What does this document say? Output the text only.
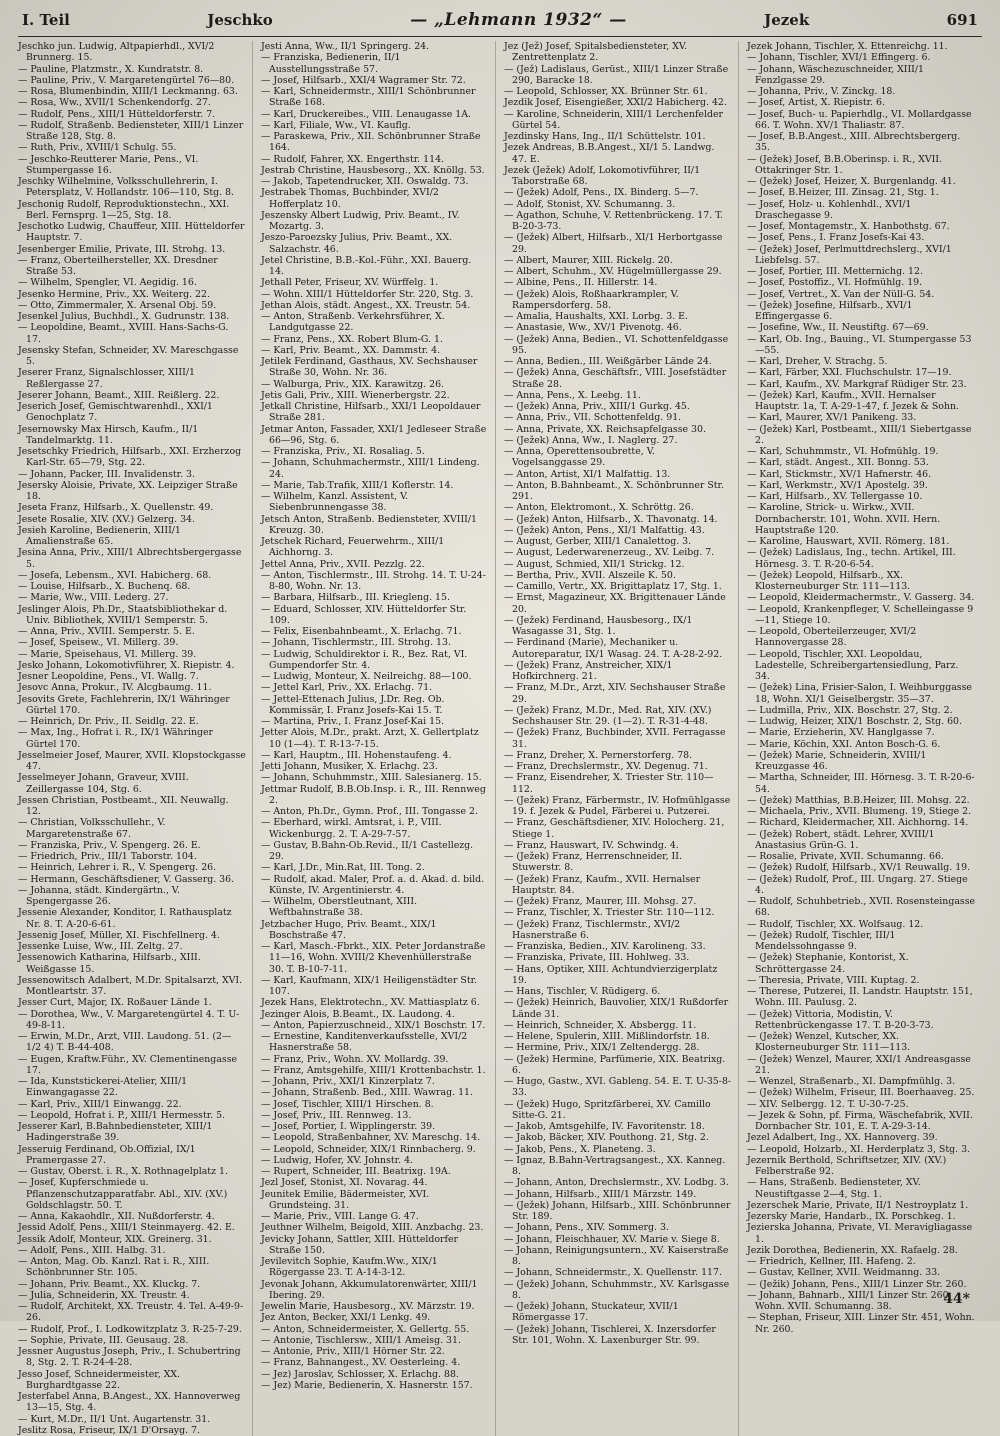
I. Teil	Jeschko	— „Lehmann 1932“ —	Jezek	691
Jeschko jun. Ludwig, Altpapierhdl., XVI/2 Brunnerg. 15.
— Pauline, Platzmstr., X. Kundratstr. 8.
— Pauline, Priv., V. Margaretengürtel 76—80.
— Rosa, Blumenbindin, XIII/1 Leckmanng. 63.
— Rosa, Ww., XVII/1 Schenkendorfg. 27.
— Rudolf, Pens., XIII/1 Hütteldorferstr. 7.
— Rudolf, Straßenb. Bediensteter, XIII/1 Linzer Straße 128, Stg. 8.
— Ruth, Priv., XVIII/1 Schulg. 55.
— Jeschko-Reutterer Marie, Pens., VI. Stumpergasse 16.
Jeschky Wilhelmine, Volksschullehrerin, I. Petersplatz, V. Hollandstr. 106—110, Stg. 8.
Jeschonig Rudolf, Reproduktionstechn., XXI. Berl. Fernsprg. 1—25, Stg. 18.
Jeschotko Ludwig, Chauffeur, XIII. Hütteldorfer Hauptstr. 7.
Jesenberger Emilie, Private, III. Strohg. 13.
— Franz, Oberteilhersteller, XX. Dresdner Straße 53.
— Wilhelm, Spengler, VI. Aegidig. 16.
Jesenko Hermine, Priv., XX. Weiterg. 22.
— Otto, Zimmermaler, X. Arsenal Obj. 59.
Jesenkel Julius, Buchhdl., X. Gudrunstr. 138.
— Leopoldine, Beamt., XVIII. Hans-Sachs-G. 17.
Jesensky Stefan, Schneider, XV. Mareschgasse 5.
Jeserer Franz, Signalschlosser, XIII/1 Reßlergasse 27.
Jeserer Johann, Beamt., XIII. Reißlerg. 22.
Jeserich Josef, Gemischtwarenhdl., XXI/1 Genochplatz 7.
Jesernowsky Max Hirsch, Kaufm., II/1 Tandelmarktg. 11.
Jesetschky Friedrich, Hilfsarb., XXI. Erzherzog Karl-Str. 65—79, Stg. 22.
— Johann, Packer, III. Invalidenstr. 3.
Jesersky Aloisie, Private, XX. Leipziger Straße 18.
Jeseta Franz, Hilfsarb., X. Quellenstr. 49.
Jesete Rosalie, XIV. (XV.) Gelzerg. 34.
Jesieh Karoline, Bedienerin, XIII/1 Amalienstraße 65.
Jesina Anna, Priv., XIII/1 Albrechtsbergergasse 5.
— Josefa, Lebensm., XVI. Habicherg. 68.
— Louise, Hilfsarb., X. Buchenq. 68.
— Marie, Ww., VIII. Lederg. 27.
Jeslinger Alois, Ph.Dr., Staatsbibliothekar d. Univ. Bibliothek, XVIII/1 Semperstr. 5.
— Anna, Priv., XVIII. Semperstr. 5. E.
— Josef, Speisew., VI. Millerg. 39.
— Marie, Speisehaus, VI. Millerg. 39.
Jesko Johann, Lokomotivführer, X. Riepistr. 4.
Jesner Leopoldine, Pens., VI. Wallg. 7.
Jesovc Anna, Prokur., IV. Alcgbaumg. 11.
Jesovits Grete, Fachlehrerin, IX/1 Währinger Gürtel 170.
— Heinrich, Dr. Priv., II. Seidlg. 22. E.
— Max, Ing., Hofrat i. R., IX/1 Währinger Gürtel 170.
Jesselmeier Josef, Maurer, XVII. Klopstockgasse 47.
Jesselmeyer Johann, Graveur, XVIII. Zeillergasse 104, Stg. 6.
Jessen Christian, Postbeamt., XII. Neuwallg. 12.
— Christian, Volksschullehr., V. Margaretenstraße 67.
— Franziska, Priv., V. Spengerg. 26. E.
— Friedrich, Priv., III/1 Taborstr. 104.
— Heinrich, Lehrer i. R., V. Spengerg. 26.
— Hermann, Geschäftsdiener, V. Gasserg. 36.
— Johanna, städt. Kindergärtn., V. Spengergasse 26.
Jessenie Alexander, Konditor, I. Rathausplatz Nr. 8. T. A-20-6-61.
Jessenig Josef, Müller, XI. Fischfellnerg. 4.
Jessenke Luise, Ww., III. Zeltg. 27.
Jessenowich Katharina, Hilfsarb., XIII. Weißgasse 15.
Jessenowitsch Adalbert, M.Dr. Spitalsarzt, XVI. Montleartstr. 37.
Jesser Curt, Major, IX. Roßauer Lände 1.
— Dorothea, Ww., V. Margaretengürtel 4. T. U-49-8-11.
— Erwin, M.Dr., Arzt, VIII. Laudong. 51. (2—1/2 4) T. B-44-408.
— Eugen, Kraftw.Führ., XV. Clementinengasse 17.
— Ida, Kunststickerei-Atelier, XIII/1 Einwangagasse 22.
— Karl, Priv., XIII/1 Einwangg. 22.
— Leopold, Hofrat i. P., XIII/1 Hermesstr. 5.
Jesserer Karl, B.Bahnbediensteter, XIII/1 Hadingerstraße 39.
Jesseruig Ferdinand, Ob.Offizial, IX/1 Pramergasse 27.
— Gustav, Oberst. i. R., X. Rothnagelplatz 1.
— Josef, Kupferschmiede u. Pflanzenschutzapparatfabr. Abl., XIV. (XV.) Goldschlagstr. 50. T.
— Anna, Kakaohdlr., XII. Nußdorferstr. 4.
Jessid Adolf, Pens., XIII/1 Steinmayerg. 42. E.
Jessik Adolf, Monteur, XIX. Greinerg. 31.
— Adolf, Pens., XIII. Halbg. 31.
— Anton, Mag. Ob. Kanzl. Rat i. R., XIII. Schönbrunner Str. 105.
— Johann, Priv. Beamt., XX. Kluckg. 7.
— Julia, Schneiderin, XX. Treustr. 4.
— Rudolf, Architekt, XX. Treustr. 4. Tel. A-49-9-26.
— Rudolf, Prof., I. Lodkowitzplatz 3. R-25-7-29.
— Sophie, Private, III. Geusaug. 28.
Jessner Augustus Joseph, Priv., I. Schubertring 8, Stg. 2. T. R-24-4-28.
Jesso Josef, Schneidermeister, XX. Burghardtgasse 22.
Jesterfabel Anna, B.Angest., XX. Hannoverweg 13—15, Stg. 4.
— Kurt, M.Dr., II/1 Unt. Augartenstr. 31.
Jeslitz Rosa, Friseur, IX/1 D'Orsayg. 7.
Jesti Anna, Ww., II/1 Springerg. 24.
— Franziska, Bedienerin, II/1 Ausstellungsstraße 57.
— Josef, Hilfsarb., XXI/4 Wagramer Str. 72.
— Karl, Schneidermstr., XIII/1 Schönbrunner Straße 168.
— Karl, Druckereibes., VIII. Lenaugasse 1A.
— Karl, Filiale, Ww., VI. Kauflg.
— Paraskewa, Priv., XII. Schönbrunner Straße 164.
— Rudolf, Fahrer, XX. Engerthstr. 114.
Jestrab Christine, Hausbesorg., XX. Knöllg. 53.
— Jakob, Tapetendrucker, XII. Oswaldg. 73.
Jestrabek Thomas, Buchbinder, XVI/2 Hofferplatz 10.
Jeszensky Albert Ludwig, Priv. Beamt., IV. Mozartg. 3.
Jeszo-Paroezsky Julius, Priv. Beamt., XX. Salzachstr. 46.
Jetel Christine, B.B.-Kol.-Führ., XXI. Bauerg. 14.
Jethall Peter, Friseur, XV. Würffelg. 1.
— Wohn. XIII/1 Hütteldorfer Str. 220, Stg. 3.
Jethan Alois, städt. Angest., XX. Treustr. 54.
— Anton, Straßenb. Verkehrsführer, X. Landgutgasse 22.
— Franz, Pens., XX. Robert Blum-G. 1.
— Karl, Priv. Beamt., XX. Dammstr. 4.
Jetilek Ferdinand, Gasthaus, XV. Sechshauser Straße 30, Wohn. Nr. 36.
— Walburga, Priv., XIX. Karawitzg. 26.
Jetis Gali, Priv., XIII. Wienerbergstr. 22.
Jetkall Christine, Hilfsarb., XXI/1 Leopoldauer Straße 281.
Jetmar Anton, Fassader, XXI/1 Jedleseer Straße 66—96, Stg. 6.
— Franziska, Priv., XI. Rosaliag. 5.
— Johann, Schuhmachermstr., XIII/1 Lindeng. 24.
— Marie, Tab.Trafik, XIII/1 Koflerstr. 14.
— Wilhelm, Kanzl. Assistent, V. Siebenbrunnengasse 38.
Jetsch Anton, Straßenb. Bediensteter, XVIII/1 Kreuzg. 30.
Jetschek Richard, Feuerwehrm., XIII/1 Aichhorng. 3.
Jettel Anna, Priv., XVII. Pezzlg. 22.
— Anton, Tischlermstr., III. Strohg. 14. T. U-24-8-80, Wohn. Nr. 13.
— Barbara, Hilfsarb., III. Kriegleng. 15.
— Eduard, Schlosser, XIV. Hütteldorfer Str. 109.
— Felix, Eisenbahnbeamt., X. Erlachg. 71.
— Johann, Tischlermstr., III. Strohg. 13.
— Ludwig, Schuldirektor i. R., Bez. Rat, VI. Gumpendorfer Str. 4.
— Ludwig, Monteur, X. Neilreichg. 88—100.
— Jettel Karl, Priv., XX. Erlachg. 71.
— Jettel-Ettenach Julius, J.Dr. Reg. Ob. Kommissär, I. Franz Josefs-Kai 15. T.
— Martina, Priv., I. Franz Josef-Kai 15.
Jetter Alois, M.Dr., prakt. Arzt, X. Gellertplatz 10 (1—4). T. R-13-7-15.
— Karl, Hauptm., III. Hohenstaufeng. 4.
Jetti Johann, Musiker, X. Erlachg. 23.
— Johann, Schuhmmstr., XIII. Salesianerg. 15.
Jettmar Rudolf, B.B.Ob.Insp. i. R., III. Rennweg 2.
— Anton, Ph.Dr., Gymn. Prof., III. Tongasse 2.
— Eberhard, wirkl. Amtsrat, i. P., VIII. Wickenburgg. 2. T. A-29-7-57.
— Gustav, B.Bahn-Ob.Revid., II/1 Castellezg. 29.
— Karl, J.Dr., Min.Rat, III. Tong. 2.
— Rudolf, akad. Maler, Prof. a. d. Akad. d. bild. Künste, IV. Argentinierstr. 4.
— Wilhelm, Oberstleutnant, XIII. Weftbahnstraße 38.
Jetzbacher Hugo, Priv. Beamt., XIX/1 Boschstraße 47.
— Karl, Masch.-Fbrkt., XIX. Peter Jordanstraße 11—16, Wohn. XVIII/2 Khevenhüllerstraße 30. T. B-10-7-11.
— Karl, Kaufmann, XIX/1 Heiligenstädter Str. 107.
Jezek Hans, Elektrotechn., XV. Mattiasplatz 6.
Jezinger Alois, B.Beamt., IX. Laudong. 4.
— Anton, Papierzuschneid., XIX/1 Boschstr. 17.
— Ernestine, Kanditenverkaufsstelle, XVI/2 Hasnerstraße 58.
— Franz, Priv., Wohn. XV. Mollardg. 39.
— Franz, Amtsgehilfe, XIII/1 Krottenbachstr. 1.
— Johann, Priv., XXI/1 Kinzerplatz 7.
— Johann, Straßenb. Bed., XIII. Wawrag. 11.
— Josef, Tischler, XIII/1 Hirschen. 8.
— Josef, Priv., III. Rennweg. 13.
— Josef, Portier, I. Wipplingerstr. 39.
— Leopold, Straßenbahner, XV. Mareschg. 14.
— Leopold, Schneider, XIX/1 Rinnbacherg. 9.
— Ludwig, Hofer, XV. Johnstr. 4.
— Rupert, Schneider, III. Beatrixg. 19A.
Jezl Josef, Stonist, XI. Novarag. 44.
Jeunitek Emilie, Bädermeister, XVI. Grundsteing. 31.
— Marie, Priv., VIII. Lange G. 47.
Jeuthner Wilhelm, Beigold, XIII. Anzbachg. 23.
Jevicky Johann, Sattler, XIII. Hütteldorfer Straße 150.
Jevilevitch Sophie, Kaufm.Ww., XIX/1 Rögergasse 23. T. A-14-3-12.
Jevonak Johann, Akkumulatorenwärter, XIII/1 Ibering. 29.
Jewelin Marie, Hausbesorg., XV. Märzstr. 19.
Jez Anton, Becker, XXI/1 Lenkg. 49.
— Anton, Schneidermeister, X. Gellertg. 55.
— Antonie, Tischlersw., XIII/1 Ameisg. 31.
— Antonie, Priv., XIII/1 Hörner Str. 22.
— Franz, Bahnangest., XV. Oesterleing. 4.
— Jez) Jaroslav, Schlosser, X. Erlachg. 88.
— Jez) Marie, Bedienerin, X. Hasnerstr. 157.
Jez (Jež) Josef, Spitalsbediensteter, XV. Zentrettenplatz 2.
— (Jež) Ladislaus, Gerüst., XIII/1 Linzer Straße 290, Baracke 18.
— Leopold, Schlosser, XX. Brünner Str. 61.
Jezdik Josef, Eisengießer, XXI/2 Habicherg. 42.
— Karoline, Schneiderin, XIII/1 Lerchenfelder Gürtel 54.
Jezdinsky Hans, Ing., II/1 Schüttelstr. 101.
Jezek Andreas, B.B.Angest., XI/1 5. Landwg. 47. E.
Jezek (Ježek) Adolf, Lokomotivführer, II/1 Taborstraße 68.
— (Ježek) Adolf, Pens., IX. Binderg. 5—7.
— Adolf, Stonist, XV. Schumanng. 3.
— Agathon, Schuhe, V. Rettenbrückeng. 17. T. B-20-3-73.
— (Ježek) Albert, Hilfsarb., XI/1 Herbortgasse 29.
— Albert, Maurer, XIII. Rickelg. 20.
— Albert, Schuhm., XV. Hügelmüllergasse 29.
— Albine, Pens., II. Hillerstr. 14.
— (Ježek) Alois, Roßhaarkrampler, V. Rampersdorferg. 58.
— Amalia, Haushalts, XXI. Lorbg. 3. E.
— Anastasie, Ww., XV/1 Pivenotg. 46.
— (Ježek) Anna, Bedien., VI. Schottenfeldgasse 95.
— Anna, Bedien., III. Weißgärber Lände 24.
— (Ježek) Anna, Geschäftsfr., VIII. Josefstädter Straße 28.
— Anna, Pens., X. Leebg. 11.
— (Ježek) Anna, Priv., XIII/1 Gurkg. 45.
— Anna, Priv., VII. Schottenfeldg. 91.
— Anna, Private, XX. Reichsapfelgasse 30.
— (Ježek) Anna, Ww., I. Naglerg. 27.
— Anna, Operettensoubrette, V. Vogelsanggasse 29.
— Anton, Artist, XI/1 Malfattig. 13.
— Anton, B.Bahnbeamt., X. Schönbrunner Str. 291.
— Anton, Elektromont., X. Schröttg. 26.
— (Ježek) Anton, Hilfsarb., X. Thavonatg. 14.
— (Ježek) Anton, Pens., XI/1 Malfattig. 43.
— August, Gerber, XIII/1 Canalettog. 3.
— August, Lederwarenerzeug., XV. Leibg. 7.
— August, Schmied, XII/1 Strickg. 12.
— Bertha, Priv., XVII. Alszeile K. 50.
— Camillo, Vertr., XX. Brigittaplatz 17, Stg. 1.
— Ernst, Magazineur, XX. Brigittenauer Lände 20.
— (Ježek) Ferdinand, Hausbesorg., IX/1 Wasagasse 31, Stg. 1.
— Ferdinand (Marie), Mechaniker u. Autoreparatur, IX/1 Wasag. 24. T. A-28-2-92.
— (Ježek) Franz, Anstreicher, XIX/1 Hofkirchnerg. 21.
— Franz, M.Dr., Arzt, XIV. Sechshauser Straße 29.
— (Ježek) Franz, M.Dr., Med. Rat, XIV. (XV.) Sechshauser Str. 29. (1—2). T. R-31-4-48.
— (Ježek) Franz, Buchbinder, XVII. Ferragasse 31.
— Franz, Dreher, X. Pernerstorferg. 78.
— Franz, Drechslermstr., XV. Degenug. 71.
— Franz, Eisendreher, X. Triester Str. 110—112.
— (Ježek) Franz, Färbermstr., IV. Hofmühlgasse 19. f. Jezek & Pudel, Färberei u. Putzerei.
— Franz, Geschäftsdiener, XIV. Holocherg. 21, Stiege 1.
— Franz, Hauswart, IV. Schwindg. 4.
— (Ježek) Franz, Herrenschneider, II. Stuwerstr. 8.
— (Ježek) Franz, Kaufm., XVII. Hernalser Hauptstr. 84.
— (Ježek) Franz, Maurer, III. Mohsg. 27.
— Franz, Tischler, X. Triester Str. 110—112.
— (Ježek) Franz, Tischlermstr., XVI/2 Hasnerstraße 6.
— Franziska, Bedien., XIV. Karolineng. 33.
— Franziska, Private, III. Hohlweg. 33.
— Hans, Optiker, XIII. Achtundvierzigerplatz 19.
— Hans, Tischler, V. Rüdigerg. 6.
— (Ježek) Heinrich, Bauvolier, XIX/1 Rußdorfer Lände 31.
— Heinrich, Schneider, X. Absbergg. 11.
— Helene, Spulerin, XIII. Mißlindorfstr. 18.
— Hermine, Priv., XIX/1 Zeltendergg. 28.
— (Ježek) Hermine, Parfümerie, XIX. Beatrixg. 6.
— Hugo, Gastw., XVI. Gableng. 54. E. T. U-35-8-33.
— (Ježek) Hugo, Spritzfärberei, XV. Camillo Sitte-G. 21.
— Jakob, Amtsgehilfe, IV. Favoritenstr. 18.
— Jakob, Bäcker, XIV. Pouthong. 21, Stg. 2.
— Jakob, Pens., X. Planeteng. 3.
— Ignaz, B.Bahn-Vertragsangest., XX. Kanneg. 8.
— Johann, Anton, Drechslermstr., XV. Lodbg. 3.
— Johann, Hilfsarb., XIII/1 Märzstr. 149.
— (Ježek) Johann, Hilfsarb., XIII. Schönbrunner Str. 189.
— Johann, Pens., XIV. Sommerg. 3.
— Johann, Fleischhauer, XV. Marie v. Siege 8.
— Johann, Reinigungsuntern., XV. Kaiserstraße 8.
— Johann, Schneidermstr., X. Quellenstr. 117.
— (Ježek) Johann, Schuhmmstr., XV. Karlsgasse 8.
— (Ježek) Johann, Stuckateur, XVII/1 Römergasse 17.
— (Ježek) Johann, Tischlerei, X. Inzersdorfer Str. 101, Wohn. X. Laxenburger Str. 99.
Jezek Johann, Tischler, X. Ettenreichg. 11.
— Johann, Tischler, XVI/1 Effingerg. 6.
— Johann, Wäschezuschneider, XIII/1 Fenzlgasse 29.
— Johanna, Priv., V. Zinckg. 18.
— Josef, Artist, X. Riepistr. 6.
— Josef, Buch- u. Papierhdlg., VI. Mollardgasse 66. T. Wohn. XV/1 Thaliastr. 87.
— Josef, B.B.Angest., XIII. Albrechtsbergerg. 35.
— (Ježek) Josef, B.B.Oberinsp. i. R., XVII. Ottakringer Str. 1.
— (Ježek) Josef, Heizer, X. Burgenlandg. 41.
— Josef, B.Heizer, III. Zinsag. 21, Stg. 1.
— Josef, Holz- u. Kohlenhdl., XVI/1 Draschegasse 9.
— Josef, Montagemstr., X. Hanbothstg. 67.
— Josef, Pens., I. Franz Josefs-Kai 43.
— (Ježek) Josef, Perlmuttdrechslerg., XVI/1 Liebfelsg. 57.
— Josef, Portier, III. Metternichg. 12.
— Josef, Postoffiz., VI. Hofmühlg. 19.
— Josef, Vertret., X. Van der Nüll-G. 54.
— (Ježek) Josefine, Hilfsarb., XVI/1 Effingergasse 6.
— Josefine, Ww., II. Neustiftg. 67—69.
— Karl, Ob. Ing., Bauing., VI. Stumpergasse 53—55.
— Karl, Dreher, V. Strachg. 5.
— Karl, Färber, XXI. Fluchschulstr. 17—19.
— Karl, Kaufm., XV. Markgraf Rüdiger Str. 23.
— (Ježek) Karl, Kaufm., XVII. Hernalser Hauptstr. 1a, T. A-29-1-47, f. Jezek & Sohn.
— Karl, Maurer, XV/1 Panikeng. 33.
— (Ježek) Karl, Postbeamt., XIII/1 Siebertgasse 2.
— Karl, Schuhmmstr., VI. Hofmühlg. 19.
— Karl, städt. Angest., XII. Bonng. 53.
— Karl, Stickmstr., XV/1 Hafnerstr. 46.
— Karl, Werkmstr., XV/1 Apostelg. 39.
— Karl, Hilfsarb., XV. Tellergasse 10.
— Karoline, Strick- u. Wirkw., XVII. Dornbacherstr. 101, Wohn. XVII. Hern. Hauptstraße 120.
— Karoline, Hauswart, XVII. Römerg. 181.
— (Ježek) Ladislaus, Ing., techn. Artikel, III. Hörnesg. 3. T. R-20-6-54.
— (Ježek) Leopold, Hilfsarb., XX. Klosterneuburger Str. 111—113.
— Leopold, Kleidermachermstr., V. Gasserg. 34.
— Leopold, Krankenpfleger, V. Schelleingasse 9—11, Stiege 10.
— Leopold, Oberteilerzeuger, XVI/2 Hannovergasse 28.
— Leopold, Tischler, XXI. Leopoldau, Ladestelle, Schreibergartensiedlung, Parz. 34.
— (Ježek) Lina, Frisier-Salon, I. Weihburggasse 18, Wohn. XI/1 Geiselbergstr. 35—37.
— Ludmilla, Priv., XIX. Boschstr. 27, Stg. 2.
— Ludwig, Heizer, XIX/1 Boschstr. 2, Stg. 60.
— Marie, Erzieherin, XV. Hanglgasse 7.
— Marie, Köchin, XXI. Anton Bosch-G. 6.
— (Ježek) Marie, Schneiderin, XVIII/1 Kreuzgasse 46.
— Martha, Schneider, III. Hörnesg. 3. T. R-20-6-54.
— (Ježek) Matthias, B.B.Heizer, III. Mohsg. 22.
— Michaela, Priv., XVII. Blumeng. 19, Stiege 2.
— Richard, Kleidermacher, XII. Aichhorng. 14.
— (Ježek) Robert, städt. Lehrer, XVIII/1 Anastasius Grün-G. 1.
— Rosalie, Private, XVII. Schumanng. 66.
— (Ježek) Rudolf, Hilfsarb., XV/1 Reuwallg. 19.
— (Ježek) Rudolf, Prof., III. Ungarg. 27. Stiege 4.
— Rudolf, Schuhbetrieb., XVII. Rosensteingasse 68.
— Rudolf, Tischler, XX. Wolfsaug. 12.
— (Ježek) Rudolf, Tischler, III/1 Mendelssohngasse 9.
— (Ježek) Stephanie, Kontorist, X. Schröttergasse 24.
— Theresia, Private, VIII. Kuptag. 2.
— Therese, Putzerei, II. Landstr. Hauptstr. 151, Wohn. III. Paulusg. 2.
— (Ježek) Vittoria, Modistin, V. Rettenbrückengasse 17. T. B-20-3-73.
— (Ježek) Wenzel, Kutscher, XX. Klosterneuburger Str. 111—113.
— (Ježek) Wenzel, Maurer, XXI/1 Andreasgasse 21.
— Wenzel, Straßenarb., XI. Dampfmühlg. 3.
— (Ježek) Wilhelm, Friseur, III. Boerhaaveg. 25.
— XIV. Selbergg. 12. T. U-30-7-25.
— Jezek & Sohn, pf. Firma, Wäschefabrik, XVII. Dornbacher Str. 101, E. T. A-29-3-14.
Jezel Adalbert, Ing., XX. Hannoverg. 39.
— Leopold, Holzarb., XI. Herderplatz 3, Stg. 3.
Jezernik Berthold, Schriftsetzer, XIV. (XV.) Felberstraße 92.
— Hans, Straßenb. Bediensteter, XV. Neustiftgasse 2—4, Stg. 1.
Jezerschek Marie, Private, II/1 Nestroyplatz 1.
Jezersky Marie, Handarb., IX. Porschkeg. 1.
Jezierska Johanna, Private, VI. Meravigliagasse 1.
Jezik Dorothea, Bedienerin, XX. Rafaelg. 28.
— Friedrich, Kellner, III. Hafeng. 2.
— Gustav, Kellner, XVII. Weidmanng. 33.
— (Ježik) Johann, Pens., XIII/1 Linzer Str. 260.
— Johann, Bahnarb., XIII/1 Linzer Str. 260, Wohn. XVII. Schumanng. 38.
— Stephan, Friseur, XIII. Linzer Str. 451, Wohn. Nr. 260.
44*
